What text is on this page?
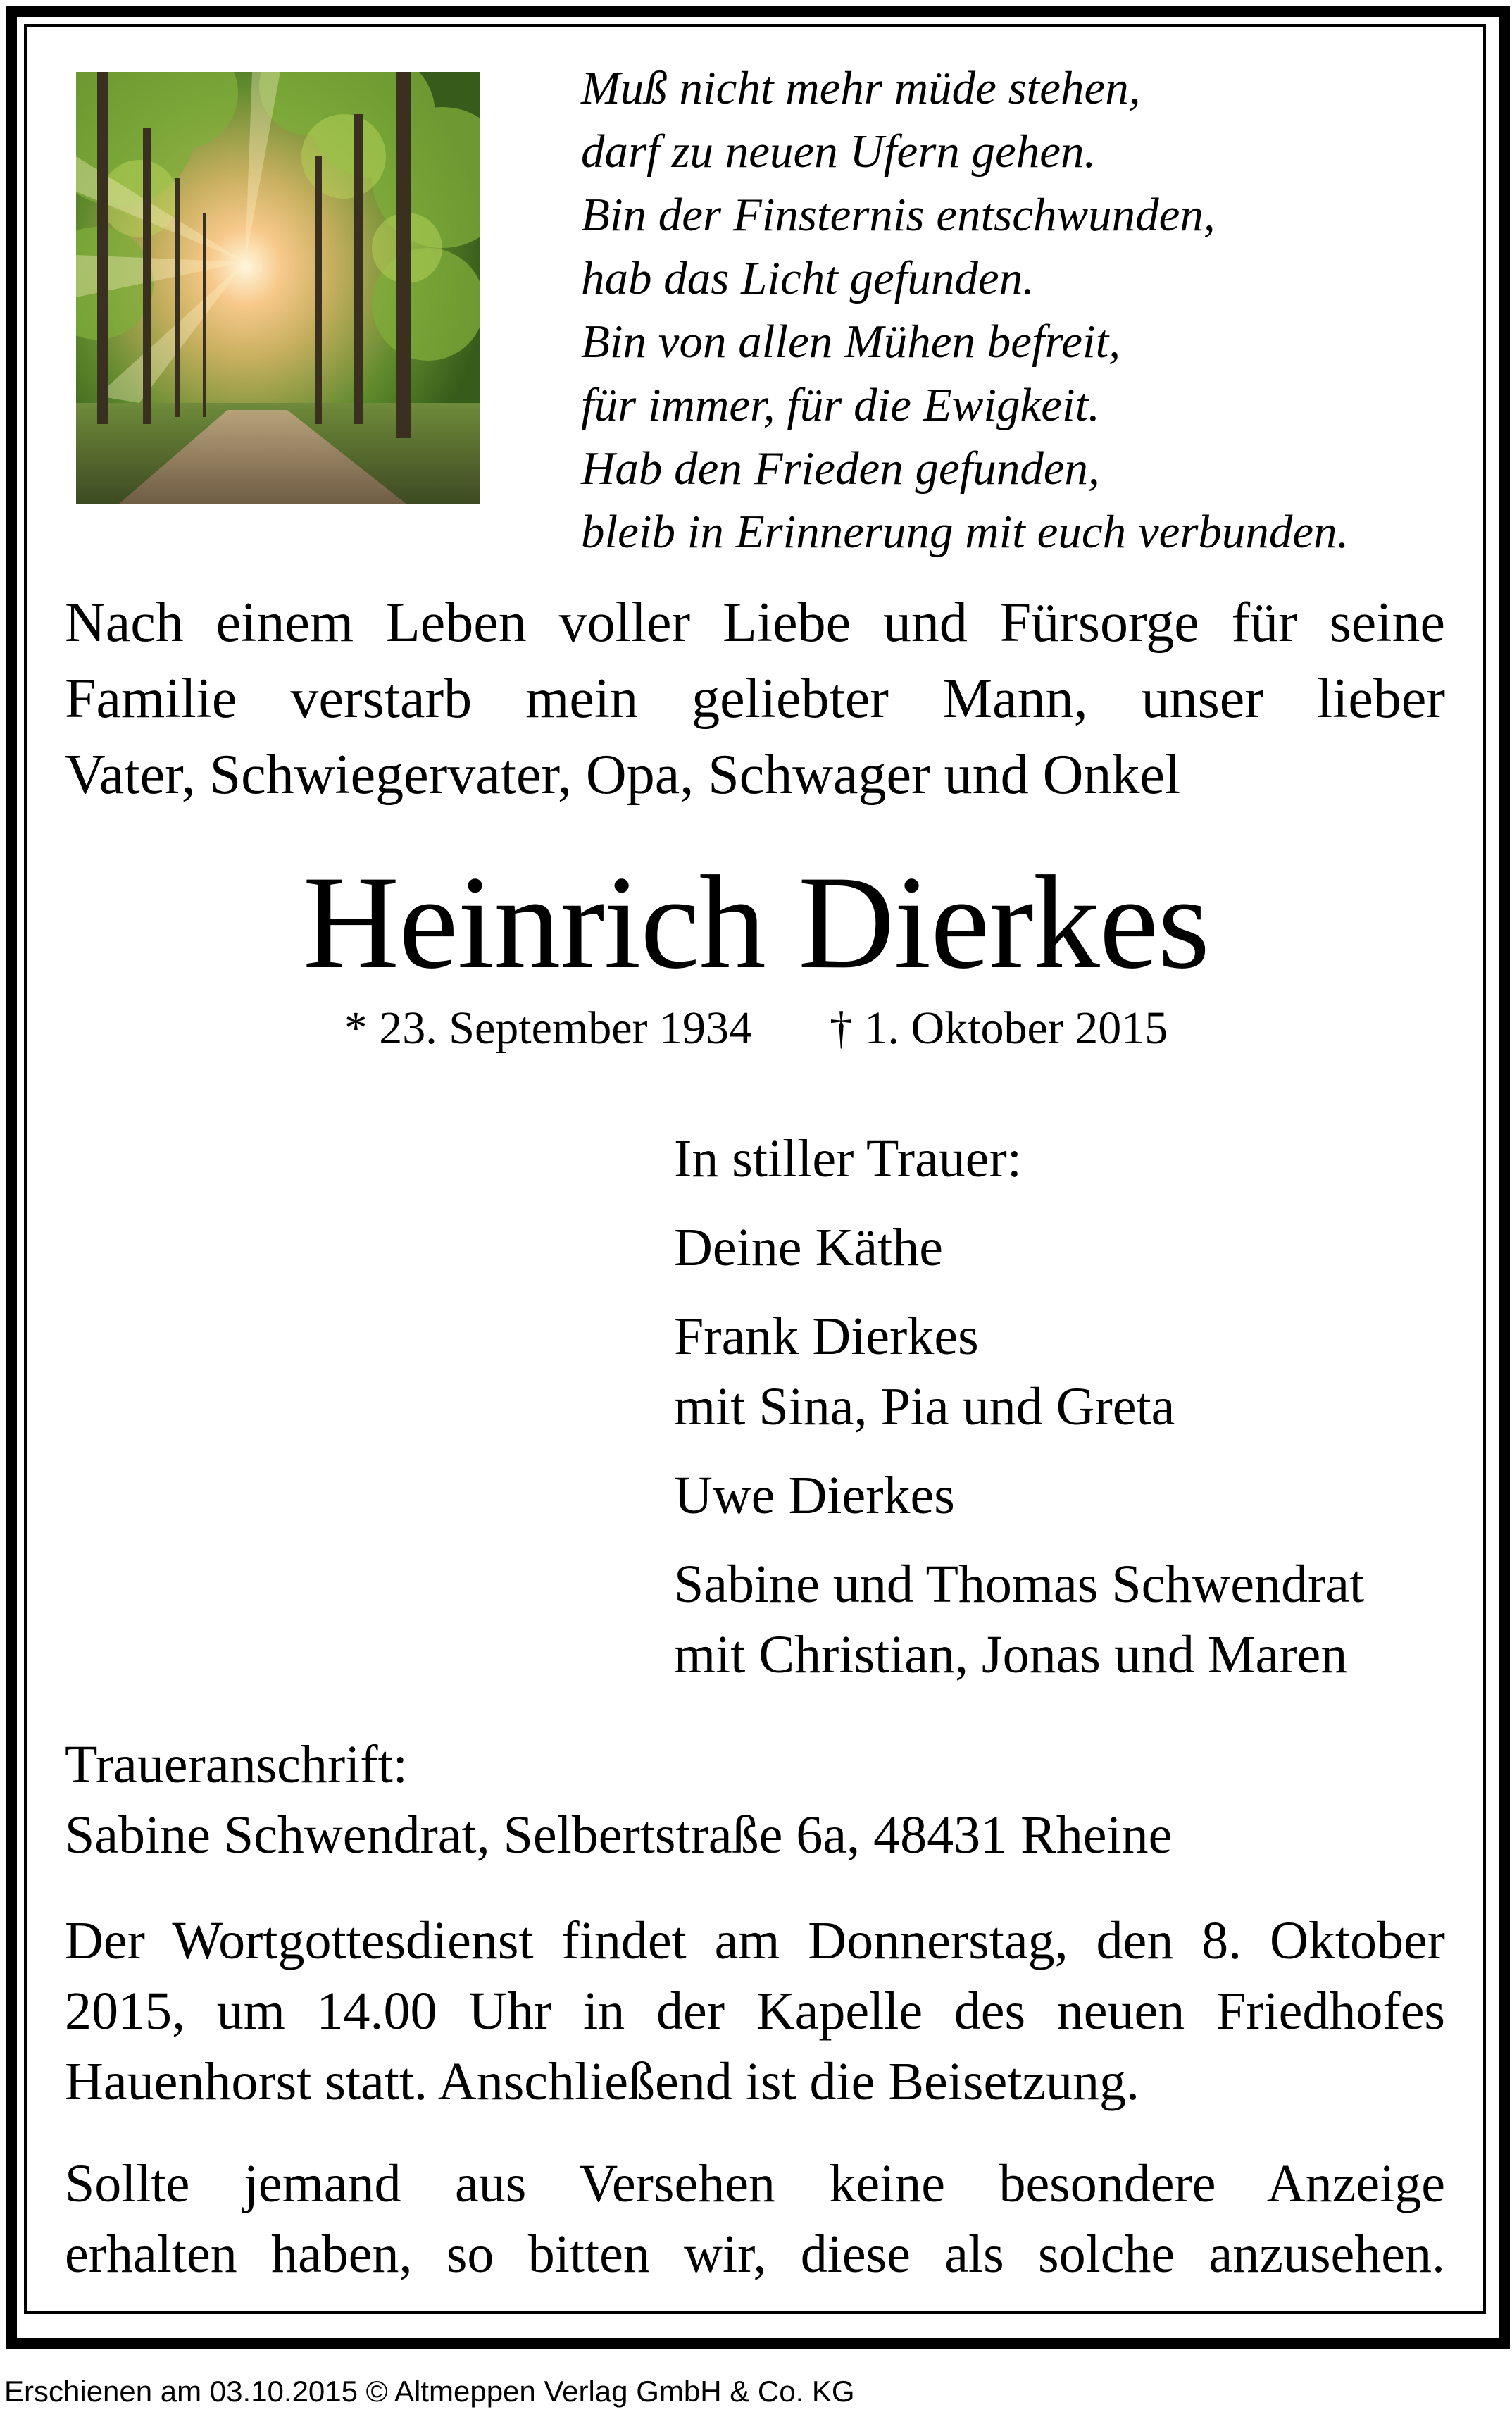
Muß nicht mehr müde stehen,
darf zu neuen Ufern gehen.
Bin der Finsternis entschwunden,
hab das Licht gefunden.
Bin von allen Mühen befreit,
für immer, für die Ewigkeit.
Hab den Frieden gefunden,
bleib in Erinnerung mit euch verbunden.
Nach einem Leben voller Liebe und Fürsorge für seine
Familie verstarb mein geliebter Mann, unser lieber
Vater, Schwiegervater, Opa, Schwager und Onkel
Heinrich Dierkes
* 23. September 1934 † 1. Oktober 2015
In stiller Trauer:
Deine Käthe
Frank Dierkes
mit Sina, Pia und Greta
Uwe Dierkes
Sabine und Thomas Schwendrat
mit Christian, Jonas und Maren
Traueranschrift:
Sabine Schwendrat, Selbertstraße 6a, 48431 Rheine
Der Wortgottesdienst findet am Donnerstag, den 8. Oktober
2015, um 14.00 Uhr in der Kapelle des neuen Friedhofes
Hauenhorst statt. Anschließend ist die Beisetzung.
Sollte jemand aus Versehen keine besondere Anzeige
erhalten haben, so bitten wir, diese als solche anzusehen.
Erschienen am 03.10.2015 © Altmeppen Verlag GmbH & Co. KG
